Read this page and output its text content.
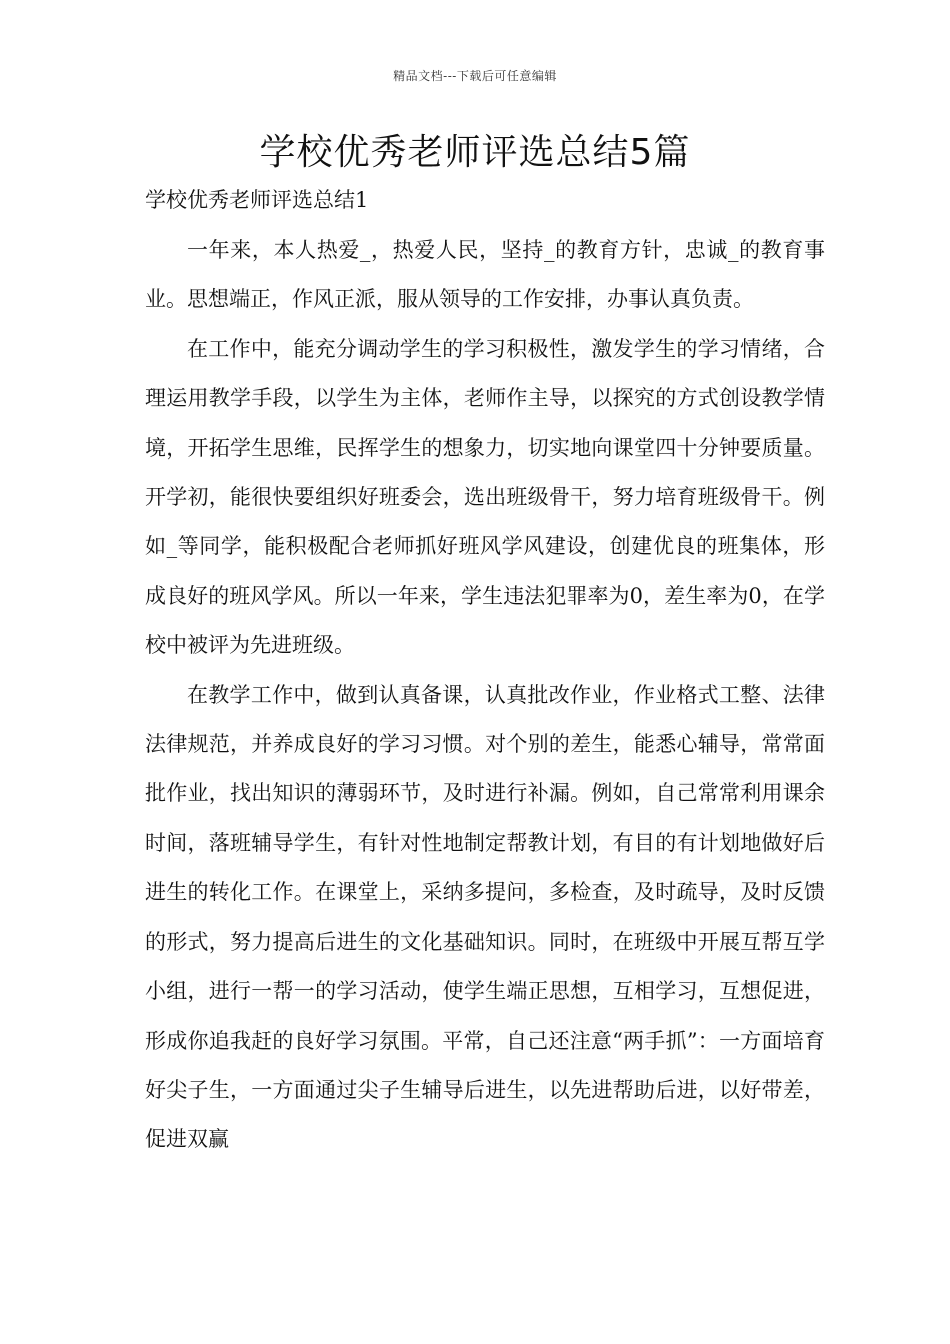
精品文档---下载后可任意编辑
学校优秀老师评选总结5篇
学校优秀老师评选总结1

一年来，本人热爱_，热爱人民，坚持_的教育方针，忠诚_的教育事业。思想端正，作风正派，服从领导的工作安排，办事认真负责。

在工作中，能充分调动学生的学习积极性，激发学生的学习情绪，合理运用教学手段，以学生为主体，老师作主导，以探究的方式创设教学情境，开拓学生思维，民挥学生的想象力，切实地向课堂四十分钟要质量。开学初，能很快要组织好班委会，选出班级骨干，努力培育班级骨干。例如_等同学，能积极配合老师抓好班风学风建设，创建优良的班集体，形成良好的班风学风。所以一年来，学生违法犯罪率为0，差生率为0，在学校中被评为先进班级。

在教学工作中，做到认真备课，认真批改作业，作业格式工整、法律法律规范，并养成良好的学习习惯。对个别的差生，能悉心辅导，常常面批作业，找出知识的薄弱环节，及时进行补漏。例如，自己常常利用课余时间，落班辅导学生，有针对性地制定帮教计划，有目的有计划地做好后进生的转化工作。在课堂上，采纳多提问，多检查，及时疏导，及时反馈的形式，努力提高后进生的文化基础知识。同时，在班级中开展互帮互学小组，进行一帮一的学习活动，使学生端正思想，互相学习，互想促进，形成你追我赶的良好学习氛围。平常，自己还注意“两手抓”：一方面培育好尖子生，一方面通过尖子生辅导后进生，以先进帮助后进，以好带差，促进双赢
